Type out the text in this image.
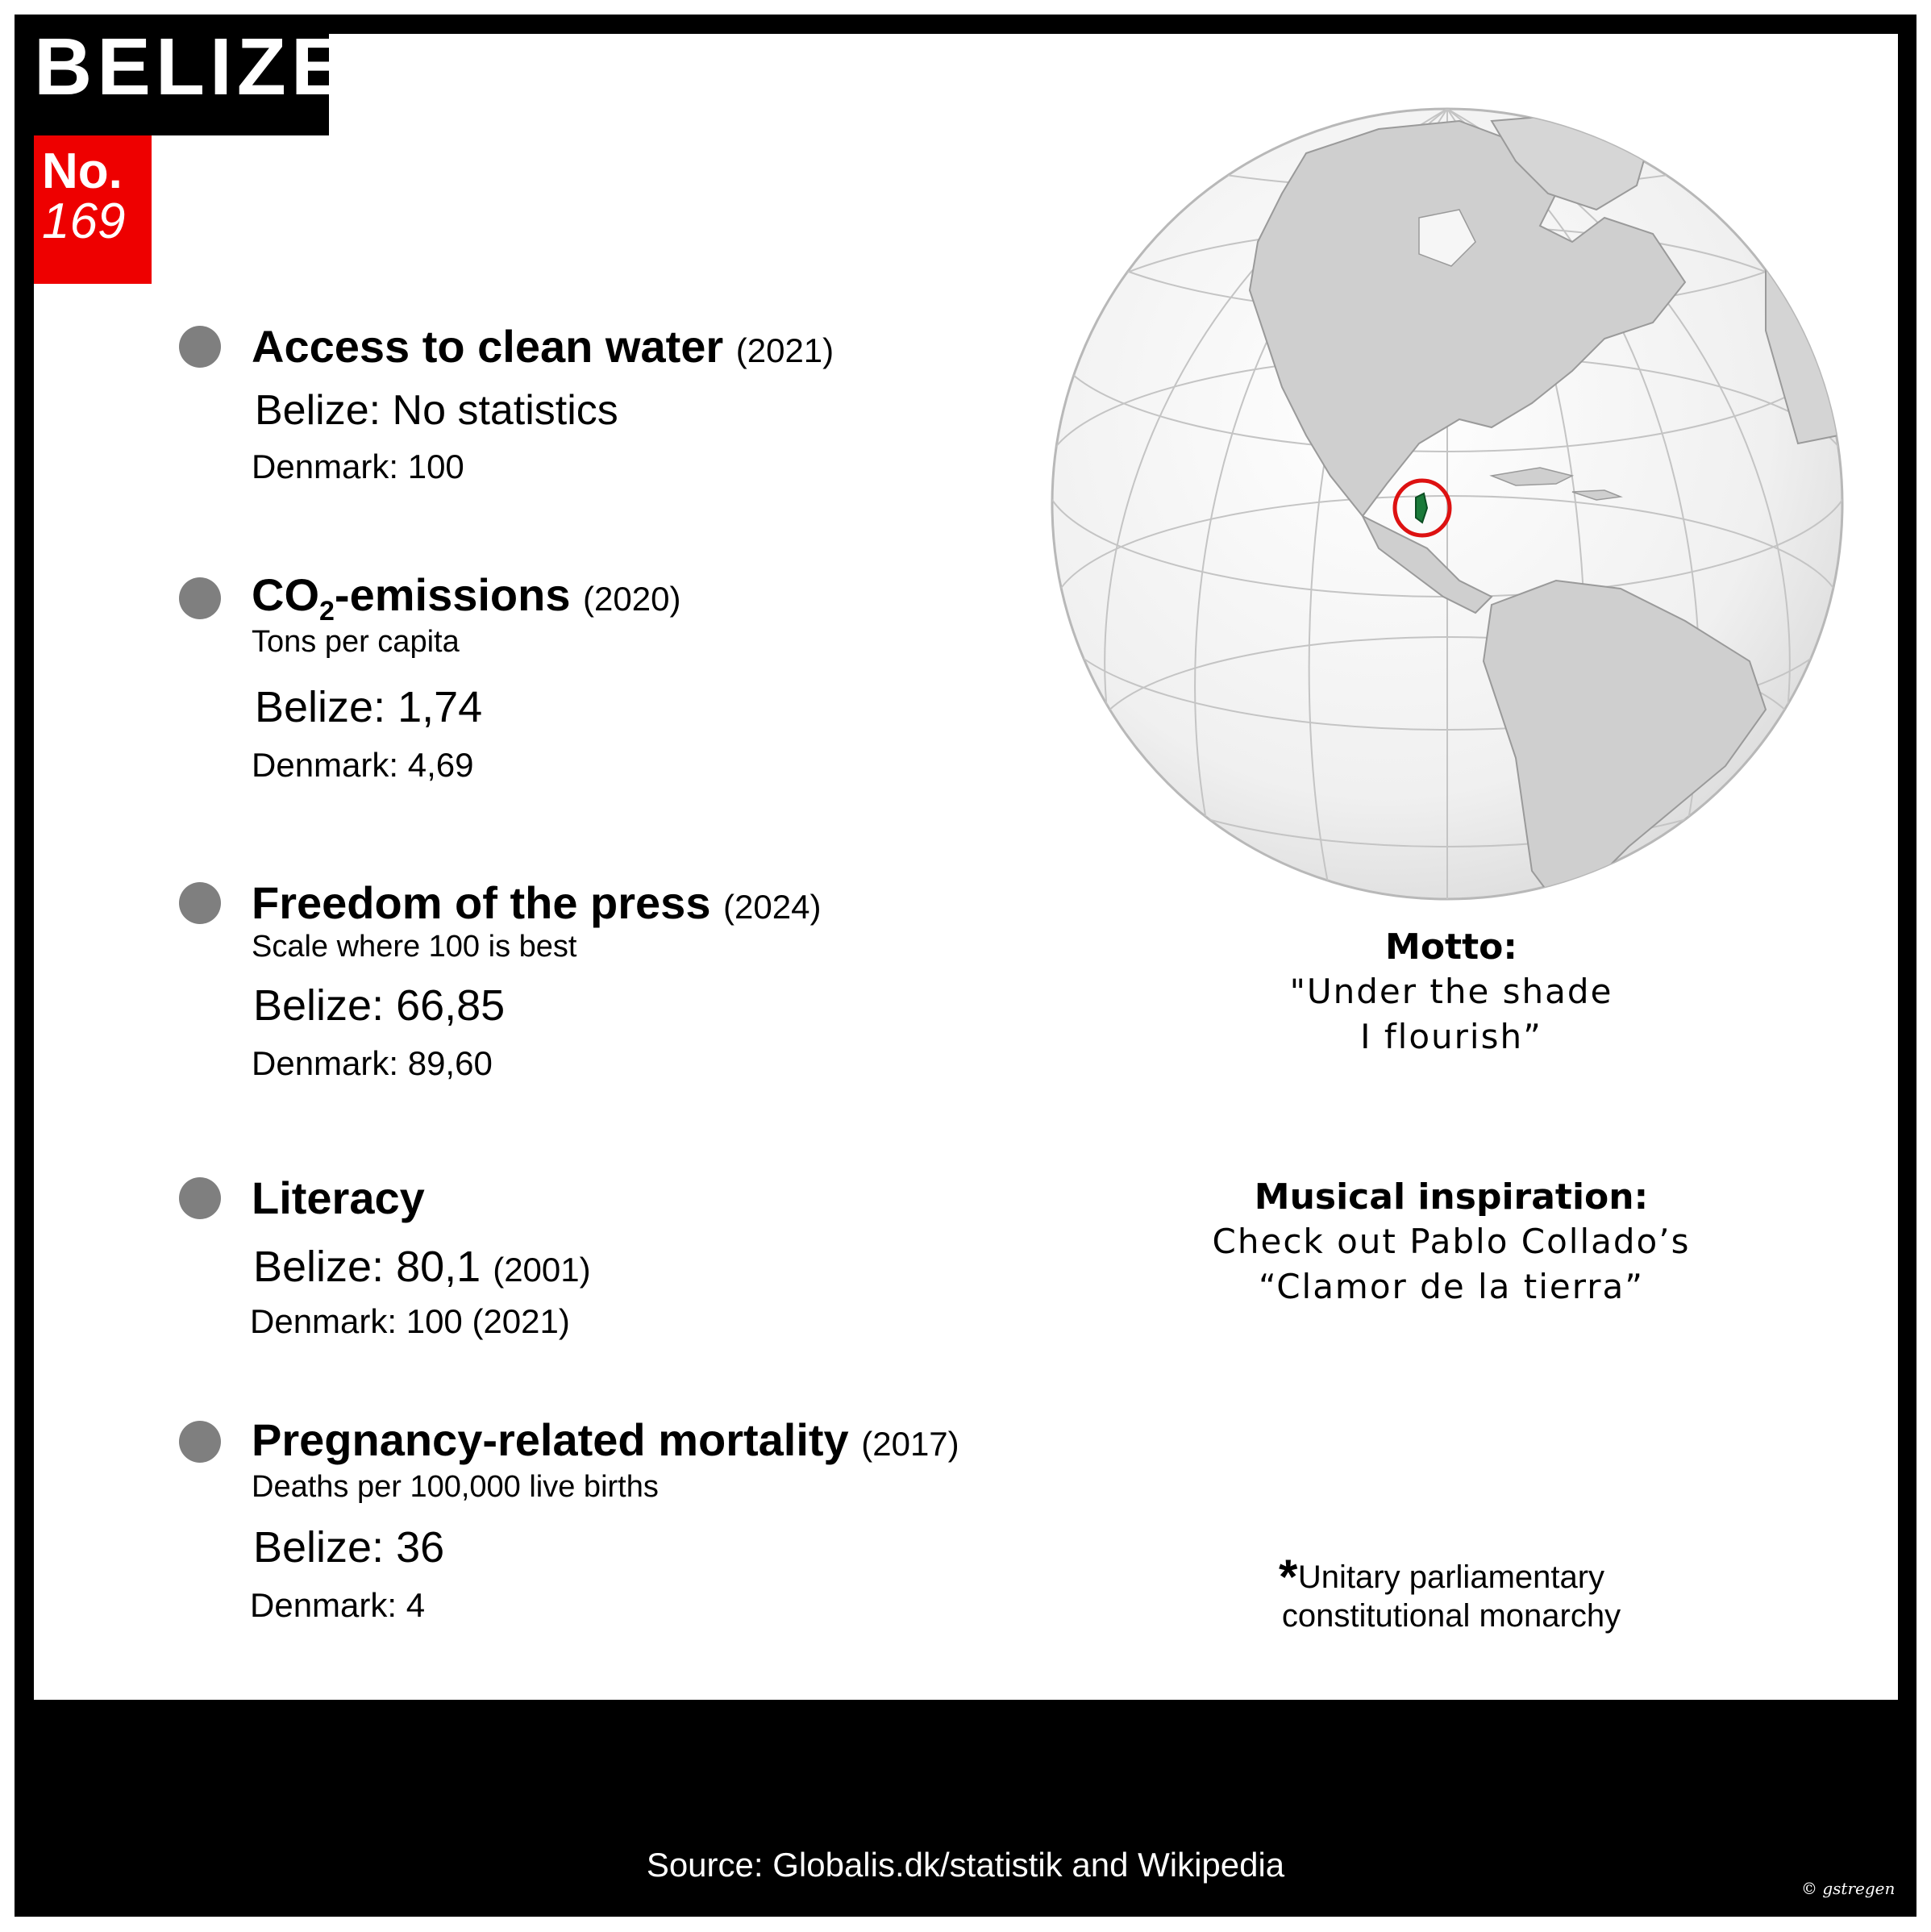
BELIZE
No.
169
Access to clean water (2021)
Belize: No statistics
Denmark: 100
$CO_2$-emissions (2020)
Tons per capita
Belize: 1,74
Denmark: 4,69
Freedom of the press (2024)
Scale where 100 is best
Belize: 66,85
Denmark: 89,60
Literacy
Belize: 80,1 (2001)
Denmark: 100 (2021)
Pregnancy-related mortality (2017)
Deaths per 100,000 live births
Belize: 36
Denmark: 4
Motto:
"Under the shade
I flourish”
Musical inspiration:
Check out Pablo Collado’s
“Clamor de la tierra”
* Unitary parliamentary
constitutional monarchy
Source: Globalis.dk/statistik and Wikipedia
© gstregen
